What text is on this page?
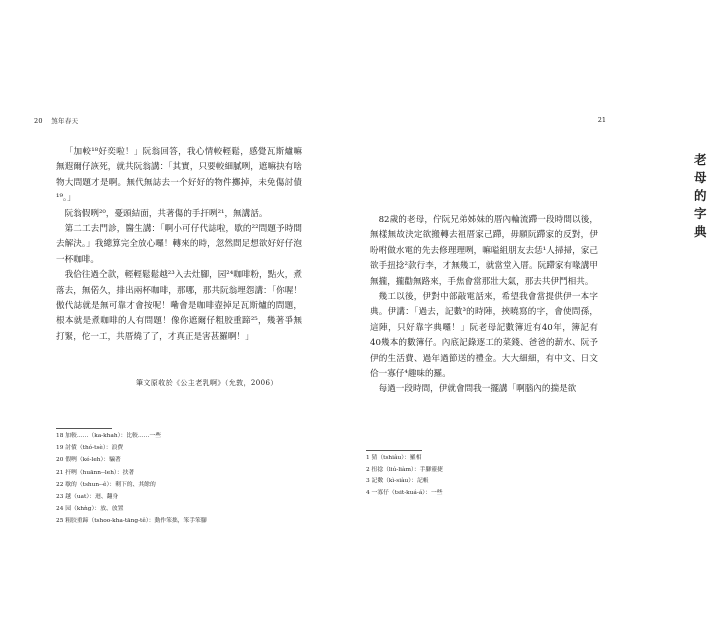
20 煞年春天

「加較¹⁸好奕啦！」阮翁回答，我心情較輕鬆，感覺瓦斯爐嘛無遐爾仔詼死，就共阮翁講：「其實，只要較細膩咧，遮嘛抉有啥物大問題才是啊。無代無誌去一个好好的物件擲掉，未免傷討債¹⁹。」

阮翁假咧²⁰，憂頭結面，共著傷的手扞咧²¹，無講話。

第二工去門診，醫生講：「啊小可仔代誌啦，歇的²²問題予時間去解決。」我總算完全放心囉！轉來的時，忽然間足想欲好好仔泡一杯咖啡。

我佮往過仝款，輕輕鬆鬆越²³入去灶腳，园²⁴咖啡粉，點火，煮落去，無偌久，排出兩杯咖啡，那哪，那共阮翁埋怨講：「你喔！傲代誌就是無可靠才會按呢！嘞會是咖啡壺掉足瓦斯爐的問題，根本就是煮咖啡的人有問題！像你遮爾仔粗胶重蹄²⁵，幾著爭無打緊，佗一工，共厝燒了了，才真正是害甚羅啊！」

筆文原收於《公主老乳啊》（允敦，2006）
18 加較……（ka-khah）：比較……一些
19 討債（thó-tsè）：浪費
20 假咧（ké-leh）：騙著
21 扞咧（huānn--leh）：扶著
22 歇的（tshun--ê）：剩下的、其餘的
23 越（uat）：迴、翻身
24 园（khǹg）：放、放置
25 粗胶重蹄（tshoo-kha-tāng-tê）：動作笨拙，笨手笨腳
21
老母的字典

82歲的老母，佇阮兄弟姊妹的厝內輪流蹛一段時間以後，無樣無故決定欲搬轉去祖厝家己蹛，毋願阮蹛家的反對，伊吩咐做水電的先去修理理咧，嘛嗌組朋友去恁¹人掃掃，家己欲手扭捻²款行李，才無幾工，就當堂入厝。阮蹛家有喙講甲無攏，攏勸無路來，手焦會當那壯大氣，那去共伊鬥相共。

幾工以後，伊對中部敲電話來，希望我會當提供伊一本字典。伊講：「過去，記數³的時陣，挾曉寫的字，會使問孫，這陣，只好靠字典囉！」阮老母記數簿近有40年，簿記有40幾本的數簿仔。內底記錄逐工的菜錢、爸爸的薪水、阮予伊的生活費、過年過節送的禮金。大大細細，有中文、日文佮一寡仔⁴趣味的羅。

每過一段時間，伊就會問我一擺講「啊腦內的揣是欲

1 猜（tshiâu）：羅相
2 扭捻（liú-liàm）：手腳靈捷
3 記數（kì-siàu）：記帳
4 一寡仔（tsit-kuá-á）：一些
